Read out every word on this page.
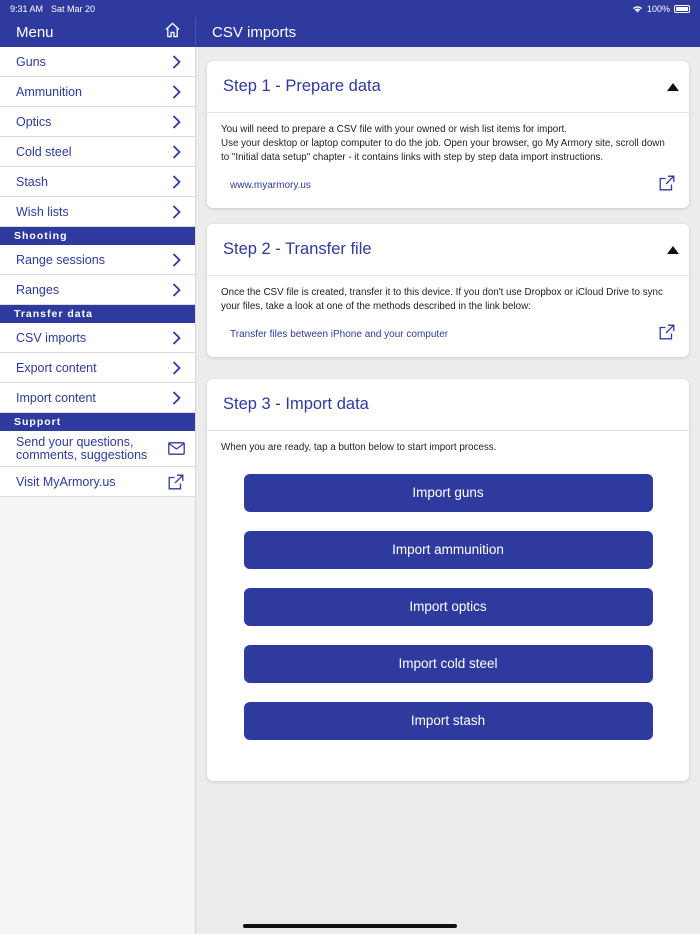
9:31 AM Sat Mar 20	100%
Menu	CSV imports
Guns
Ammunition
Optics
Cold steel
Stash
Wish lists
Shooting
Range sessions
Ranges
Transfer data
CSV imports
Export content
Import content
Support
Send your questions, comments, suggestions
Visit MyArmory.us
Step 1 - Prepare data
You will need to prepare a CSV file with your owned or wish list items for import.
Use your desktop or laptop computer to do the job. Open your browser, go My Armory site, scroll down to "Initial data setup" chapter - it contains links with step by step data import instructions.
www.myarmory.us
Step 2 - Transfer file
Once the CSV file is created, transfer it to this device. If you don't use Dropbox or iCloud Drive to sync your files, take a look at one of the methods described in the link below:
Transfer files between iPhone and your computer
Step 3 - Import data
When you are ready, tap a button below to start import process.
Import guns
Import ammunition
Import optics
Import cold steel
Import stash
